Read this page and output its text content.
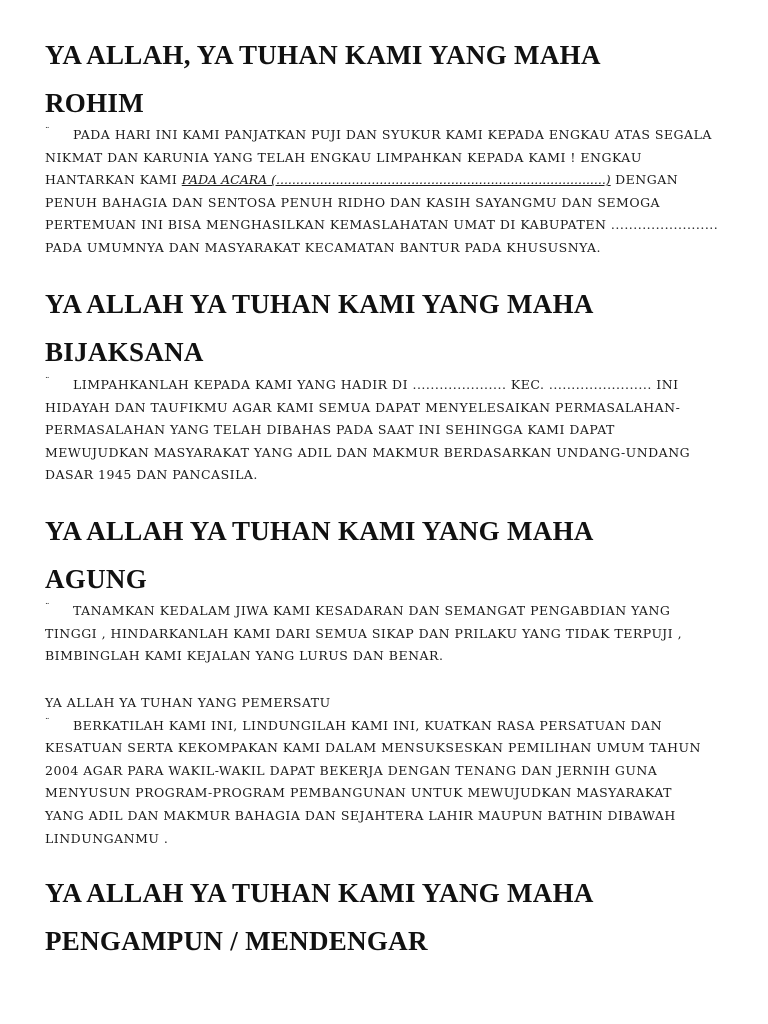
YA ALLAH, YA TUHAN KAMI YANG MAHA
ROHIM
¨ PADA HARI INI KAMI PANJATKAN PUJI DAN SYUKUR KAMI KEPADA ENGKAU ATAS SEGALA
NIKMAT DAN KARUNIA YANG TELAH ENGKAU LIMPAHKAN KEPADA KAMI ! ENGKAU
HANTARKAN KAMI PADA ACARA (...................................................................................) DENGAN
PENUH BAHAGIA DAN SENTOSA PENUH RIDHO DAN KASIH SAYANGMU DAN SEMOGA
PERTEMUAN INI BISA MENGHASILKAN KEMASLAHATAN UMAT DI KABUPATEN ........................
PADA UMUMNYA DAN MASYARAKAT KECAMATAN BANTUR PADA KHUSUSNYA.
YA ALLAH YA TUHAN KAMI YANG MAHA
BIJAKSANA
¨ LIMPAHKANLAH KEPADA KAMI YANG HADIR DI ..................... KEC. ....................... INI
HIDAYAH DAN TAUFIKMU AGAR KAMI SEMUA DAPAT MENYELESAIKAN PERMASALAHAN-
PERMASALAHAN YANG TELAH DIBAHAS PADA SAAT INI SEHINGGA KAMI DAPAT
MEWUJUDKAN MASYARAKAT YANG ADIL DAN MAKMUR BERDASARKAN UNDANG-UNDANG
DASAR 1945 DAN PANCASILA.
YA ALLAH YA TUHAN KAMI YANG MAHA
AGUNG
¨ TANAMKAN KEDALAM JIWA KAMI KESADARAN DAN SEMANGAT PENGABDIAN YANG
TINGGI , HINDARKANLAH KAMI DARI SEMUA SIKAP DAN PRILAKU YANG TIDAK TERPUJI ,
BIMBINGLAH KAMI KEJALAN YANG LURUS DAN BENAR.
YA ALLAH YA TUHAN YANG PEMERSATU
¨ BERKATILAH KAMI INI, LINDUNGILAH KAMI INI, KUATKAN RASA PERSATUAN DAN
KESATUAN SERTA KEKOMPAKAN KAMI DALAM MENSUKSESKAN PEMILIHAN UMUM TAHUN
2004 AGAR PARA WAKIL-WAKIL DAPAT BEKERJA DENGAN TENANG DAN JERNIH GUNA
MENYUSUN PROGRAM-PROGRAM PEMBANGUNAN UNTUK MEWUJUDKAN MASYARAKAT
YANG ADIL DAN MAKMUR BAHAGIA DAN SEJAHTERA LAHIR MAUPUN BATHIN DIBAWAH
LINDUNGANMU .
YA ALLAH YA TUHAN KAMI YANG MAHA
PENGAMPUN / MENDENGAR
